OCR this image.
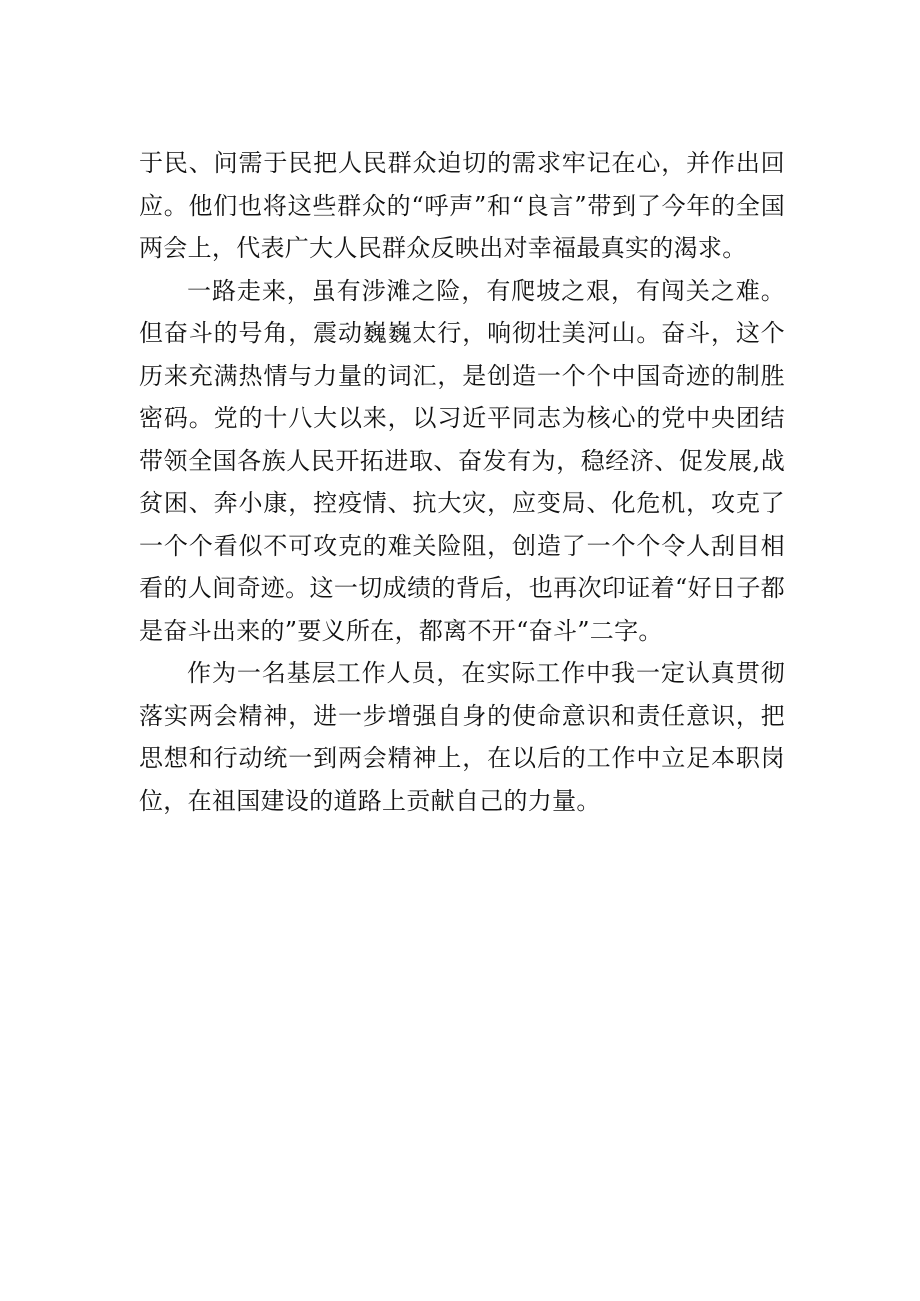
于民、问需于民把人民群众迫切的需求牢记在心，并作出回应。他们也将这些群众的“呼声”和“良言”带到了今年的全国两会上，代表广大人民群众反映出对幸福最真实的渴求。

一路走来，虽有涉滩之险，有爬坡之艰，有闯关之难。但奋斗的号角，震动巍巍太行，响彻壮美河山。奋斗，这个历来充满热情与力量的词汇，是创造一个个中国奇迹的制胜密码。党的十八大以来，以习近平同志为核心的党中央团结带领全国各族人民开拓进取、奋发有为，稳经济、促发展,战贫困、奔小康，控疫情、抗大灾，应变局、化危机，攻克了一个个看似不可攻克的难关险阻，创造了一个个令人刮目相看的人间奇迹。这一切成绩的背后，也再次印证着“好日子都是奋斗出来的”要义所在，都离不开“奋斗”二字。

作为一名基层工作人员，在实际工作中我一定认真贯彻落实两会精神，进一步增强自身的使命意识和责任意识，把思想和行动统一到两会精神上，在以后的工作中立足本职岗位，在祖国建设的道路上贡献自己的力量。
